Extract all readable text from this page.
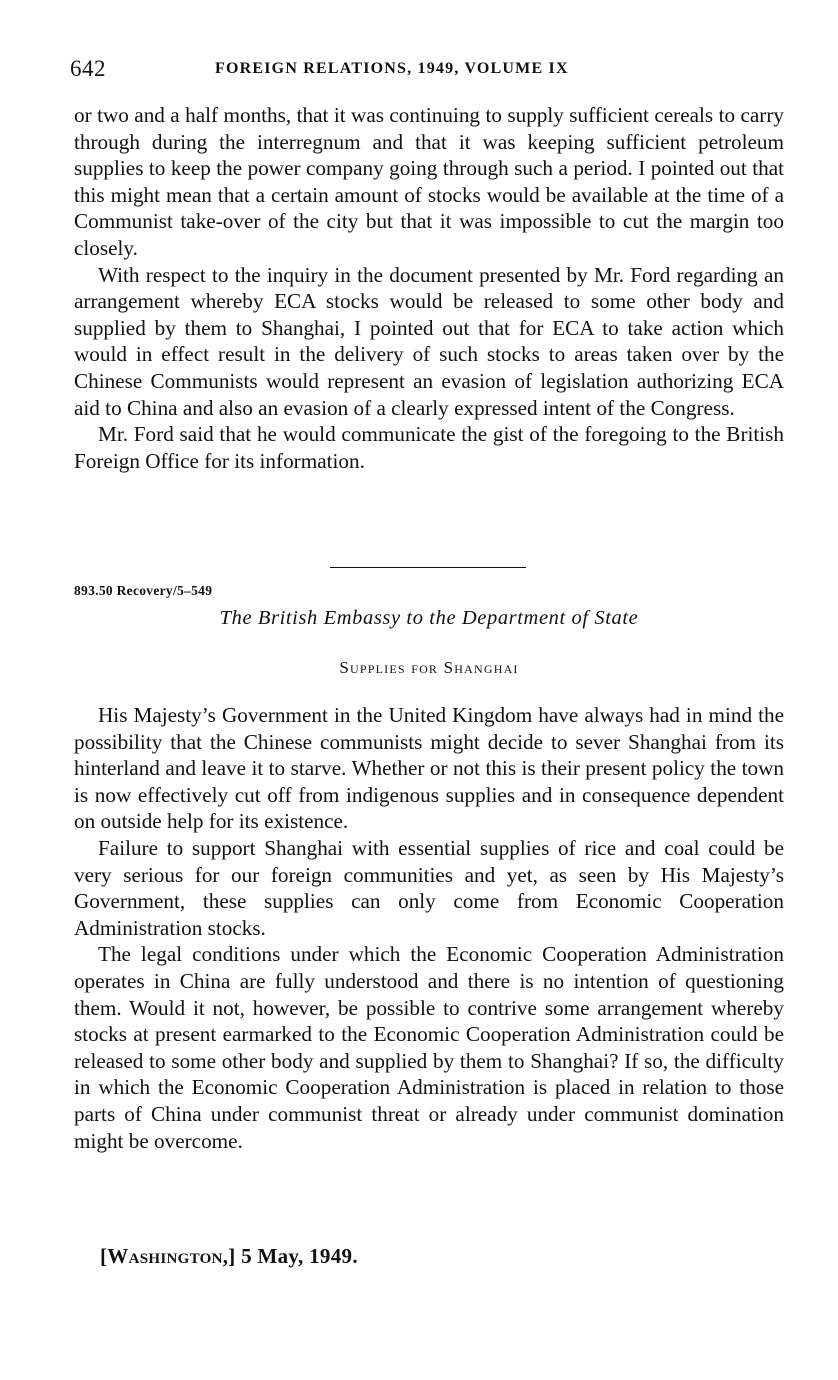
642	FOREIGN RELATIONS, 1949, VOLUME IX

or two and a half months, that it was continuing to supply sufficient cereals to carry through during the interregnum and that it was keeping sufficient petroleum supplies to keep the power company going through such a period. I pointed out that this might mean that a certain amount of stocks would be available at the time of a Communist take-over of the city but that it was impossible to cut the margin too closely.

With respect to the inquiry in the document presented by Mr. Ford regarding an arrangement whereby ECA stocks would be released to some other body and supplied by them to Shanghai, I pointed out that for ECA to take action which would in effect result in the delivery of such stocks to areas taken over by the Chinese Communists would represent an evasion of legislation authorizing ECA aid to China and also an evasion of a clearly expressed intent of the Congress.

Mr. Ford said that he would communicate the gist of the foregoing to the British Foreign Office for its information.

893.50 Recovery/5–549
The British Embassy to the Department of State
Supplies for Shanghai

His Majesty’s Government in the United Kingdom have always had in mind the possibility that the Chinese communists might decide to sever Shanghai from its hinterland and leave it to starve. Whether or not this is their present policy the town is now effectively cut off from indigenous supplies and in consequence dependent on outside help for its existence.

Failure to support Shanghai with essential supplies of rice and coal could be very serious for our foreign communities and yet, as seen by His Majesty’s Government, these supplies can only come from Economic Cooperation Administration stocks.

The legal conditions under which the Economic Cooperation Administration operates in China are fully understood and there is no intention of questioning them. Would it not, however, be possible to contrive some arrangement whereby stocks at present earmarked to the Economic Cooperation Administration could be released to some other body and supplied by them to Shanghai? If so, the difficulty in which the Economic Cooperation Administration is placed in relation to those parts of China under communist threat or already under communist domination might be overcome.

[Washington,] 5 May, 1949.
